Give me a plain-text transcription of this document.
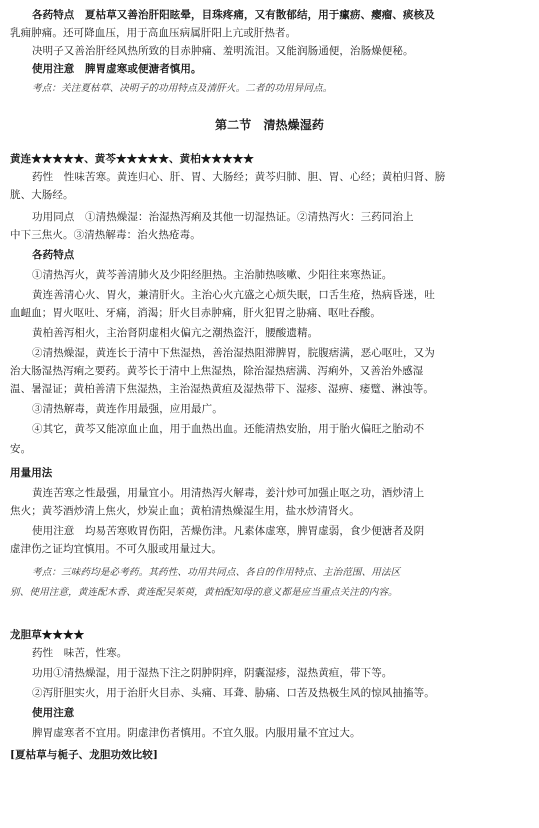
各药特点　夏枯草又善治肝阳眩晕，目珠疼痛，又有散郁结，用于瘰疬、瘿瘤、痰核及
乳痈肿痛。还可降血压，用于高血压病属肝阳上亢或肝热者。
决明子又善治肝经风热所致的目赤肿痛、羞明流泪。又能润肠通便，治肠燥便秘。
使用注意　脾胃虚寒或便溏者慎用。
考点：关注夏枯草、决明子的功用特点及清肝火。二者的功用异同点。
第二节　清热燥湿药
黄连★★★★★、黄芩★★★★★、黄柏★★★★★
药性　性味苦寒。黄连归心、肝、胃、大肠经；黄芩归肺、胆、胃、心经；黄柏归肾、膀
胱、大肠经。
功用同点　①清热燥湿：治湿热泻痢及其他一切湿热证。②清热泻火：三药同治上
中下三焦火。③清热解毒：治火热疮毒。
各药特点
①清热泻火，黄芩善清肺火及少阳经胆热。主治肺热咳嗽、少阳往来寒热证。
黄连善清心火、胃火，兼清肝火。主治心火亢盛之心烦失眠，口舌生疮，热病昏迷，吐
血衄血；胃火呕吐、牙痛，消渴；肝火目赤肿痛，肝火犯胃之胁痛、呕吐吞酸。
黄柏善泻相火，主治肾阴虚相火偏亢之潮热盗汗，腰酸遗精。
②清热燥湿，黄连长于清中下焦湿热，善治湿热阻滞脾胃，脘腹痞满，恶心呕吐，又为
治大肠湿热泻痢之要药。黄芩长于清中上焦湿热，除治湿热痞满、泻痢外，又善治外感湿
温、暑湿证；黄柏善清下焦湿热，主治湿热黄疸及湿热带下、湿疹、湿痹、痿躄、淋浊等。
③清热解毒，黄连作用最强，应用最广。
④其它，黄芩又能凉血止血，用于血热出血。还能清热安胎，用于胎火偏旺之胎动不
安。
用量用法
黄连苦寒之性最强，用量宜小。用清热泻火解毒，姜汁炒可加强止呕之功，酒炒清上
焦火；黄芩酒炒清上焦火，炒炭止血；黄柏清热燥湿生用，盐水炒清肾火。
使用注意　均易苦寒败胃伤阳，苦燥伤津。凡素体虚寒，脾胃虚弱，食少便溏者及阴
虚津伤之证均宜慎用。不可久服或用量过大。
考点：三味药均是必考药。其药性、功用共同点、各自的作用特点、主治范围、用法区
别、使用注意，黄连配木香、黄连配吴茱萸，黄柏配知母的意义都是应当重点关注的内容。
龙胆草★★★★
药性　味苦，性寒。
功用①清热燥湿，用于湿热下注之阴肿阴痒，阴囊湿疹，湿热黄疸，带下等。
②泻肝胆实火，用于治肝火目赤、头痛、耳聋、胁痛、口苦及热极生风的惊风抽搐等。
使用注意
脾胃虚寒者不宜用。阴虚津伤者慎用。不宜久服。内服用量不宜过大。
[夏枯草与栀子、龙胆功效比较]
